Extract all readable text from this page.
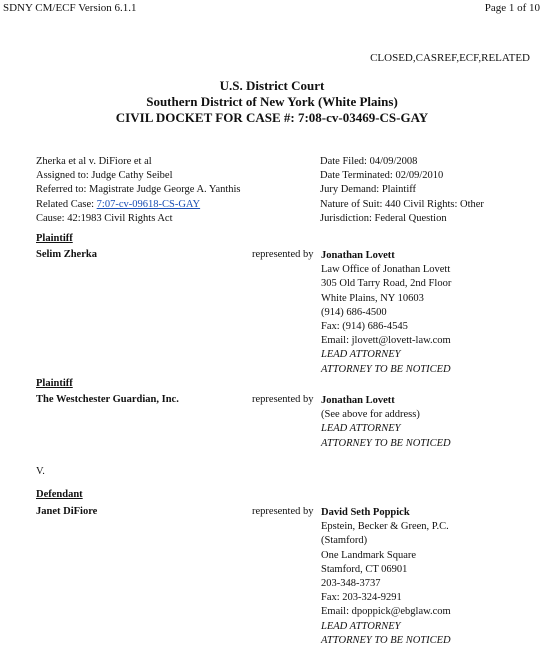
SDNY CM/ECF Version 6.1.1	Page 1 of 10
CLOSED,CASREF,ECF,RELATED
U.S. District Court
Southern District of New York (White Plains)
CIVIL DOCKET FOR CASE #: 7:08-cv-03469-CS-GAY
Zherka et al v. DiFiore et al
Assigned to: Judge Cathy Seibel
Referred to: Magistrate Judge George A. Yanthis
Related Case: 7:07-cv-09618-CS-GAY
Cause: 42:1983 Civil Rights Act
Date Filed: 04/09/2008
Date Terminated: 02/09/2010
Jury Demand: Plaintiff
Nature of Suit: 440 Civil Rights: Other
Jurisdiction: Federal Question
Plaintiff
Selim Zherka	represented by Jonathan Lovett
Law Office of Jonathan Lovett
305 Old Tarry Road, 2nd Floor
White Plains, NY 10603
(914) 686-4500
Fax: (914) 686-4545
Email: jlovett@lovett-law.com
LEAD ATTORNEY
ATTORNEY TO BE NOTICED
Plaintiff
The Westchester Guardian, Inc.	represented by Jonathan Lovett
(See above for address)
LEAD ATTORNEY
ATTORNEY TO BE NOTICED
V.
Defendant
Janet DiFiore	represented by David Seth Poppick
Epstein, Becker & Green, P.C.
(Stamford)
One Landmark Square
Stamford, CT 06901
203-348-3737
Fax: 203-324-9291
Email: dpoppick@ebglaw.com
LEAD ATTORNEY
ATTORNEY TO BE NOTICED
